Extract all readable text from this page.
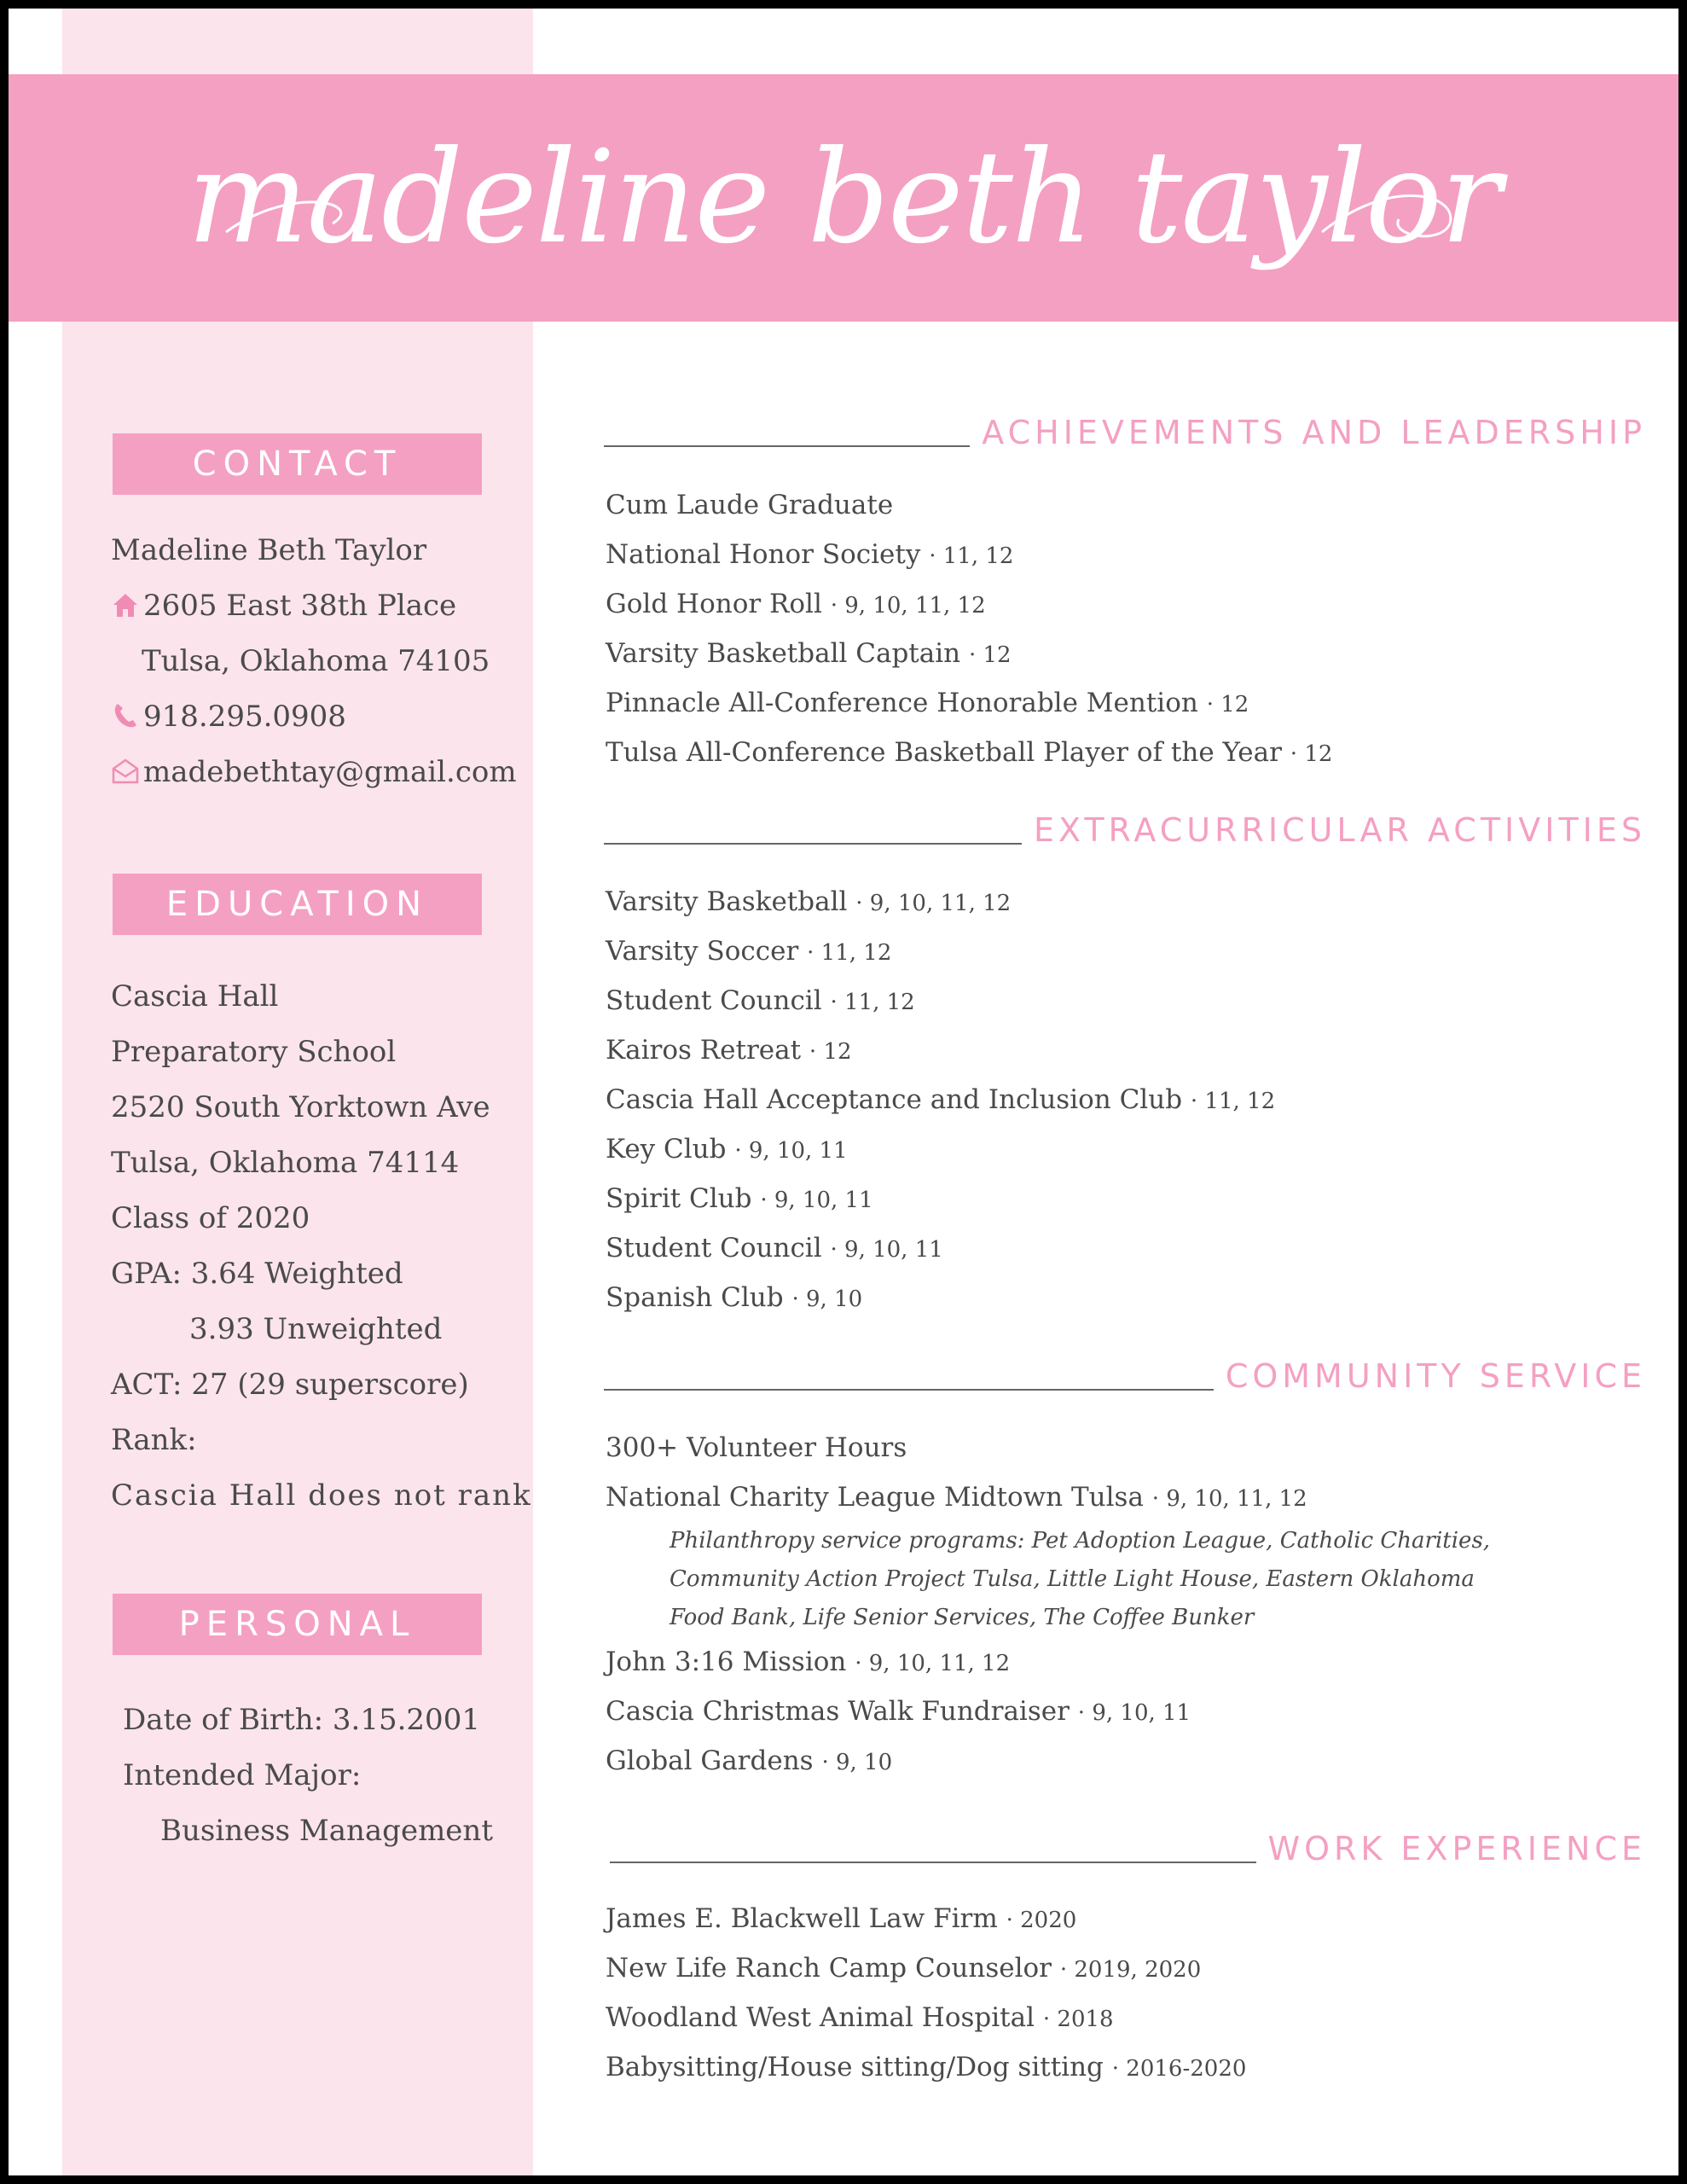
madeline beth taylor
CONTACT
Madeline Beth Taylor
2605 East 38th Place
Tulsa, Oklahoma 74105
918.295.0908
madebethtay@gmail.com
EDUCATION
Cascia Hall
Preparatory School
2520 South Yorktown Ave
Tulsa, Oklahoma 74114
Class of 2020
GPA: 3.64 Weighted
3.93 Unweighted
ACT: 27 (29 superscore)
Rank:
Cascia Hall does not rank
PERSONAL
Date of Birth: 3.15.2001
Intended Major:
Business Management
ACHIEVEMENTS AND LEADERSHIP
Cum Laude Graduate
National Honor Society · 11, 12
Gold Honor Roll · 9, 10, 11, 12
Varsity Basketball Captain · 12
Pinnacle All-Conference Honorable Mention · 12
Tulsa All-Conference Basketball Player of the Year · 12
EXTRACURRICULAR ACTIVITIES
Varsity Basketball · 9, 10, 11, 12
Varsity Soccer · 11, 12
Student Council · 11, 12
Kairos Retreat · 12
Cascia Hall Acceptance and Inclusion Club · 11, 12
Key Club · 9, 10, 11
Spirit Club · 9, 10, 11
Student Council · 9, 10, 11
Spanish Club · 9, 10
COMMUNITY SERVICE
300+ Volunteer Hours
National Charity League Midtown Tulsa · 9, 10, 11, 12
Philanthropy service programs: Pet Adoption League, Catholic Charities, Community Action Project Tulsa, Little Light House, Eastern Oklahoma Food Bank, Life Senior Services, The Coffee Bunker
John 3:16 Mission · 9, 10, 11, 12
Cascia Christmas Walk Fundraiser · 9, 10, 11
Global Gardens · 9, 10
WORK EXPERIENCE
James E. Blackwell Law Firm · 2020
New Life Ranch Camp Counselor · 2019, 2020
Woodland West Animal Hospital · 2018
Babysitting/House sitting/Dog sitting · 2016-2020
